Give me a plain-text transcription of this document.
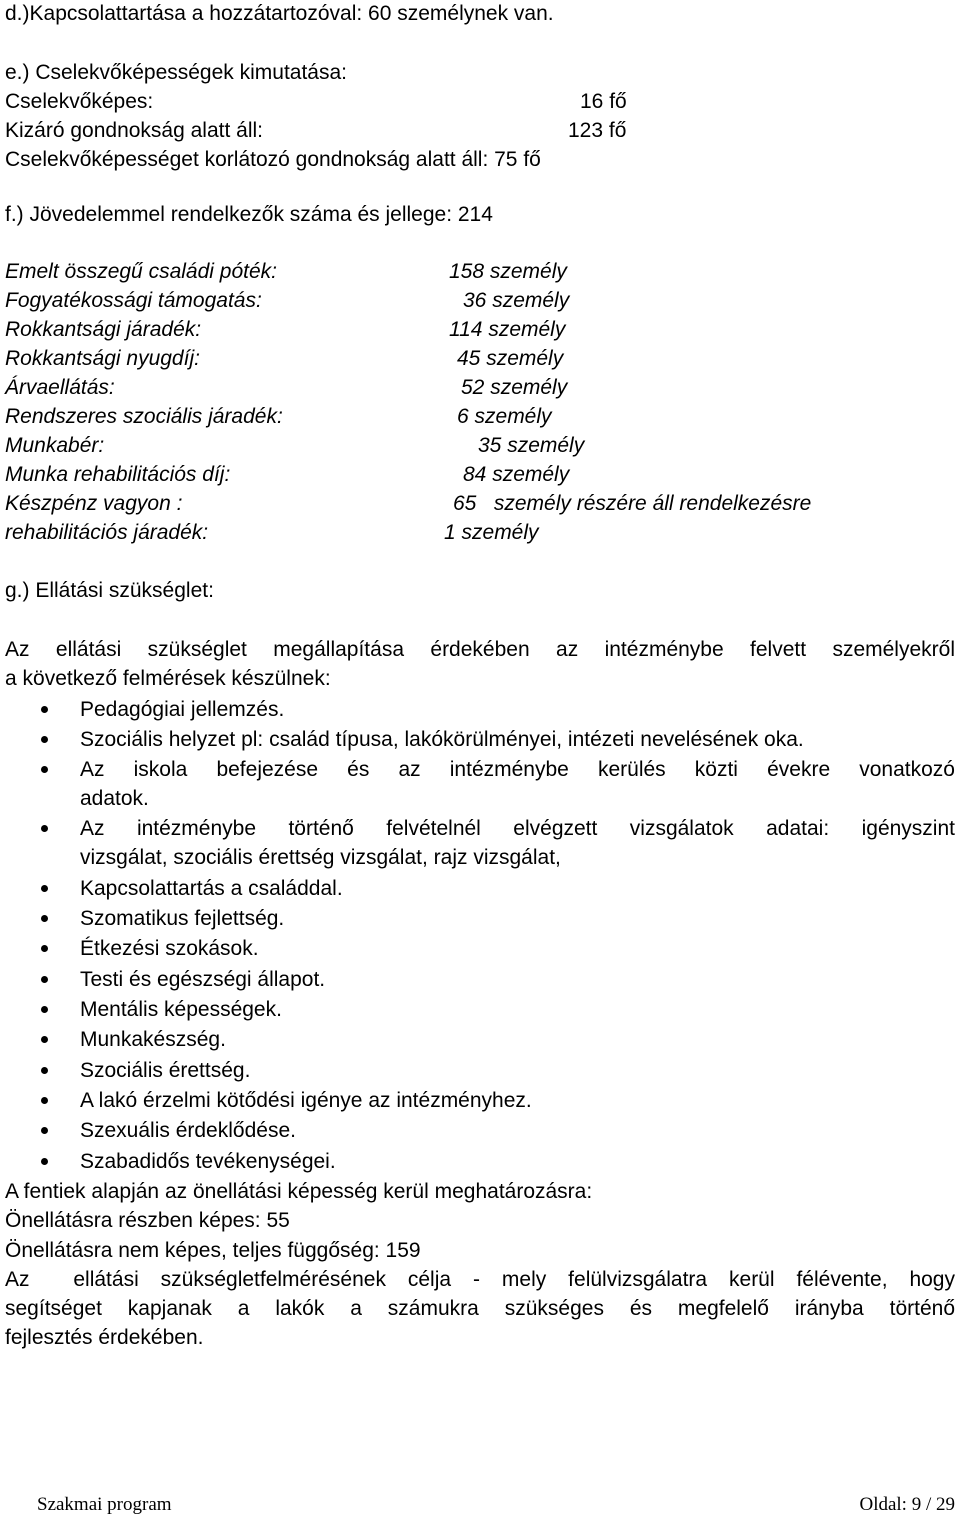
d.)Kapcsolattartása a hozzátartozóval: 60 személynek van.
e.) Cselekvőképességek kimutatása:
Cselekvőképes:	16 fő
Kizáró gondnokság alatt áll:	123 fő
Cselekvőképességet korlátozó gondnokság alatt áll: 75 fő
f.) Jövedelemmel rendelkezők száma és jellege: 214
Emelt összegű családi póték:	158 személy
Fogyatékossági támogatás:	36 személy
Rokkantsági járadék:	114 személy
Rokkantsági nyugdíj:	45 személy
Árvaellátás:	52 személy
Rendszeres szociális járadék:	6 személy
Munkabér:	35 személy
Munka rehabilitációs díj:	84 személy
Készpénz vagyon :	65   személy részére áll rendelkezésre
rehabilitációs járadék:	1 személy
g.) Ellátási szükséglet:
Az ellátási szükséglet megállapítása érdekében az intézménybe felvett személyekről
a következő felmérések készülnek:
Pedagógiai jellemzés.
Szociális helyzet pl: család típusa, lakókörülményei, intézeti nevelésének oka.
Az iskola befejezése és az intézménybe kerülés közti évekre vonatkozó
adatok.
Az intézménybe történő felvételnél elvégzett vizsgálatok adatai: igényszint
vizsgálat, szociális érettség vizsgálat, rajz vizsgálat,
Kapcsolattartás a családdal.
Szomatikus fejlettség.
Étkezési szokások.
Testi és egészségi állapot.
Mentális képességek.
Munkakészség.
Szociális érettség.
A lakó érzelmi kötődési igénye az intézményhez.
Szexuális érdeklődése.
Szabadidős tevékenységei.
A fentiek alapján az önellátási képesség kerül meghatározásra:
Önellátásra részben képes: 55
Önellátásra nem képes, teljes függőség: 159
Az  ellátási szükségletfelmérésének célja - mely felülvizsgálatra kerül félévente, hogy
segítséget kapjanak a lakók a számukra szükséges és megfelelő irányba történő
fejlesztés érdekében.
Szakmai program	Oldal: 9 / 29
